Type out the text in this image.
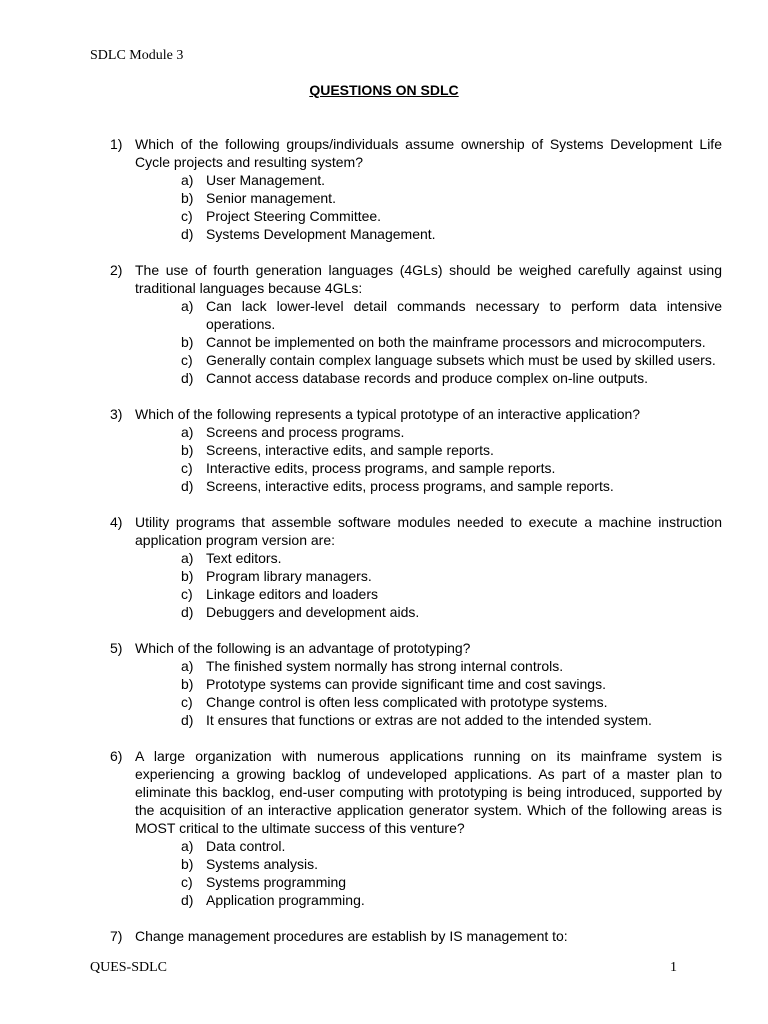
SDLC Module 3
QUESTIONS ON SDLC
1) Which of the following groups/individuals assume ownership of Systems Development Life Cycle projects and resulting system?
a) User Management.
b) Senior management.
c) Project Steering Committee.
d) Systems Development Management.
2) The use of fourth generation languages (4GLs) should be weighed carefully against using traditional languages because 4GLs:
a) Can lack lower-level detail commands necessary to perform data intensive operations.
b) Cannot be implemented on both the mainframe processors and microcomputers.
c) Generally contain complex language subsets which must be used by skilled users.
d) Cannot access database records and produce complex on-line outputs.
3) Which of the following represents a typical prototype of an interactive application?
a) Screens and process programs.
b) Screens, interactive edits, and sample reports.
c) Interactive edits, process programs, and sample reports.
d) Screens, interactive edits, process programs, and sample reports.
4) Utility programs that assemble software modules needed to execute a machine instruction application program version are:
a) Text editors.
b) Program library managers.
c) Linkage editors and loaders
d) Debuggers and development aids.
5) Which of the following is an advantage of prototyping?
a) The finished system normally has strong internal controls.
b) Prototype systems can provide significant time and cost savings.
c) Change control is often less complicated with prototype systems.
d) It ensures that functions or extras are not added to the intended system.
6) A large organization with numerous applications running on its mainframe system is experiencing a growing backlog of undeveloped applications. As part of a master plan to eliminate this backlog, end-user computing with prototyping is being introduced, supported by the acquisition of an interactive application generator system. Which of the following areas is MOST critical to the ultimate success of this venture?
a) Data control.
b) Systems analysis.
c) Systems programming
d) Application programming.
7) Change management procedures are establish by IS management to:
QUES-SDLC	1
